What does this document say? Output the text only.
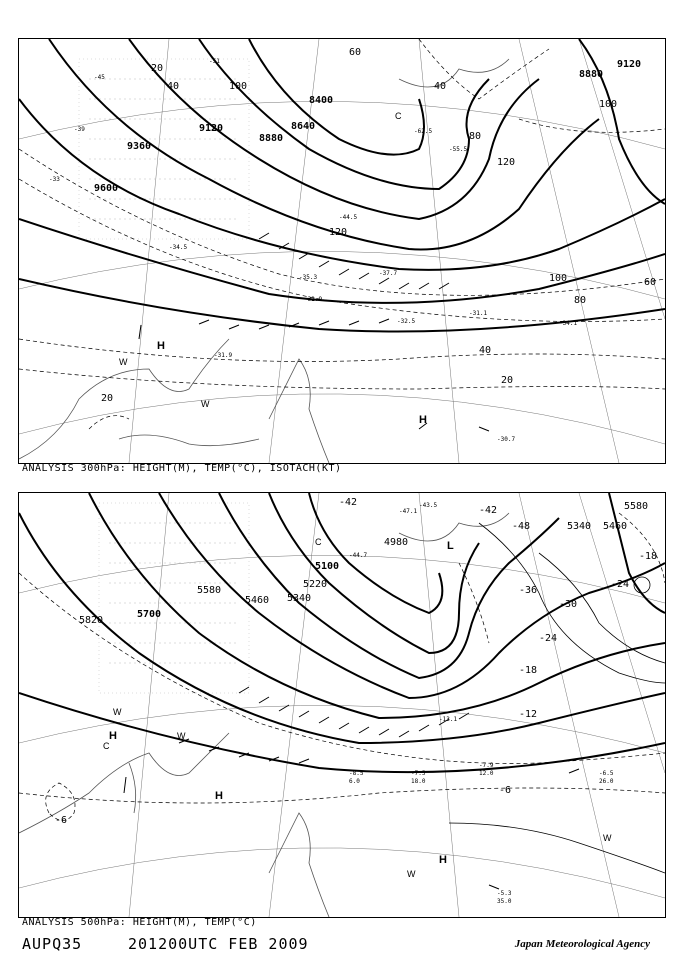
9600
9360
9120
8880
8640
8400
8880
9120
20
40
60
80
100
120
40
20
40
60
80
100
100
120
20
-33
-39
-45
-51
-34.5
-32.9
-31.1
-31.9
-30.7
-62.5
-55.5
-44.5
-37.7
-35.3
-32.5	-34.1
H
H
W
W
C
ANALYSIS 300hPa: HEIGHT(M), TEMP(°C), ISOTACH(KT)
5820
5700
5580
5460 5340
5220
5100
4980
5340 5460
5580
-42
-48
-42
-36
-30
-24
-18
-12
-6
-24
-18
-6
-7.5
18.0
-7.9
12.0	-6.5
26.0
-5.3
35.0
-8.5
6.0
-13.1
-44.7
-47.1
-43.5
H
H
H
C
C	L
W
W
W
W
ANALYSIS 500hPa: HEIGHT(M), TEMP(°C)
AUPQ35	201200UTC FEB 2009	Japan Meteorological Agency
